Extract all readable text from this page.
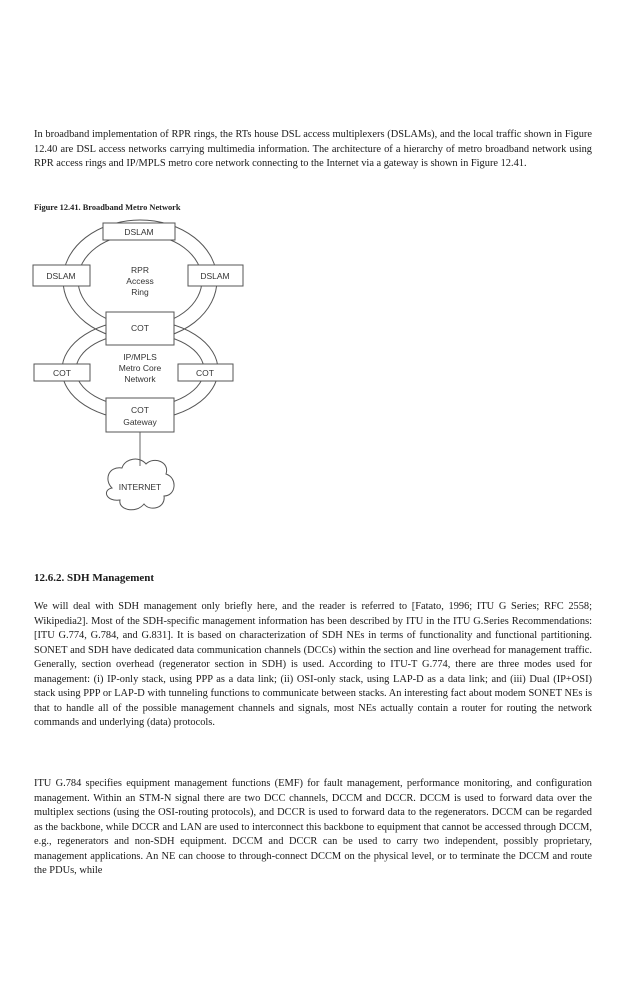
In broadband implementation of RPR rings, the RTs house DSL access multiplexers (DSLAMs), and the local traffic shown in Figure 12.40 are DSL access networks carrying multimedia information. The architecture of a hierarchy of metro broadband network using RPR access rings and IP/MPLS metro core network connecting to the Internet via a gateway is shown in Figure 12.41.

Figure 12.41. Broadband Metro Network

DSLAM
DSLAM	DSLAM
RPR
Access
Ring
COT
IP/MPLS
Metro Core
Network
COT	COT
COT
Gateway
INTERNET

12.6.2. SDH Management

We will deal with SDH management only briefly here, and the reader is referred to [Fatato, 1996; ITU G Series; RFC 2558; Wikipedia2]. Most of the SDH-specific management information has been described by ITU in the ITU G.Series Recommendations: [ITU G.774, G.784, and G.831]. It is based on characterization of SDH NEs in terms of functionality and functional partitioning. SONET and SDH have dedicated data communication channels (DCCs) within the section and line overhead for management traffic. Generally, section overhead (regenerator section in SDH) is used. According to ITU-T G.774, there are three modes used for management: (i) IP-only stack, using PPP as a data link; (ii) OSI-only stack, using LAP-D as a data link; and (iii) Dual (IP+OSI) stack using PPP or LAP-D with tunneling functions to communicate between stacks. An interesting fact about modem SONET NEs is that to handle all of the possible management channels and signals, most NEs actually contain a router for routing the network commands and underlying (data) protocols.

ITU G.784 specifies equipment management functions (EMF) for fault management, performance monitoring, and configuration management. Within an STM-N signal there are two DCC channels, DCCM and DCCR. DCCM is used to forward data over the multiplex sections (using the OSI-routing protocols), and DCCR is used to forward data to the regenerators. DCCM can be regarded as the backbone, while DCCR and LAN are used to interconnect this backbone to equipment that cannot be accessed through DCCM, e.g., regenerators and non-SDH equipment. DCCM and DCCR can be used to carry two independent, possibly proprietary, management applications. An NE can choose to through-connect DCCM on the physical level, or to terminate the DCCM and route the PDUs, while
